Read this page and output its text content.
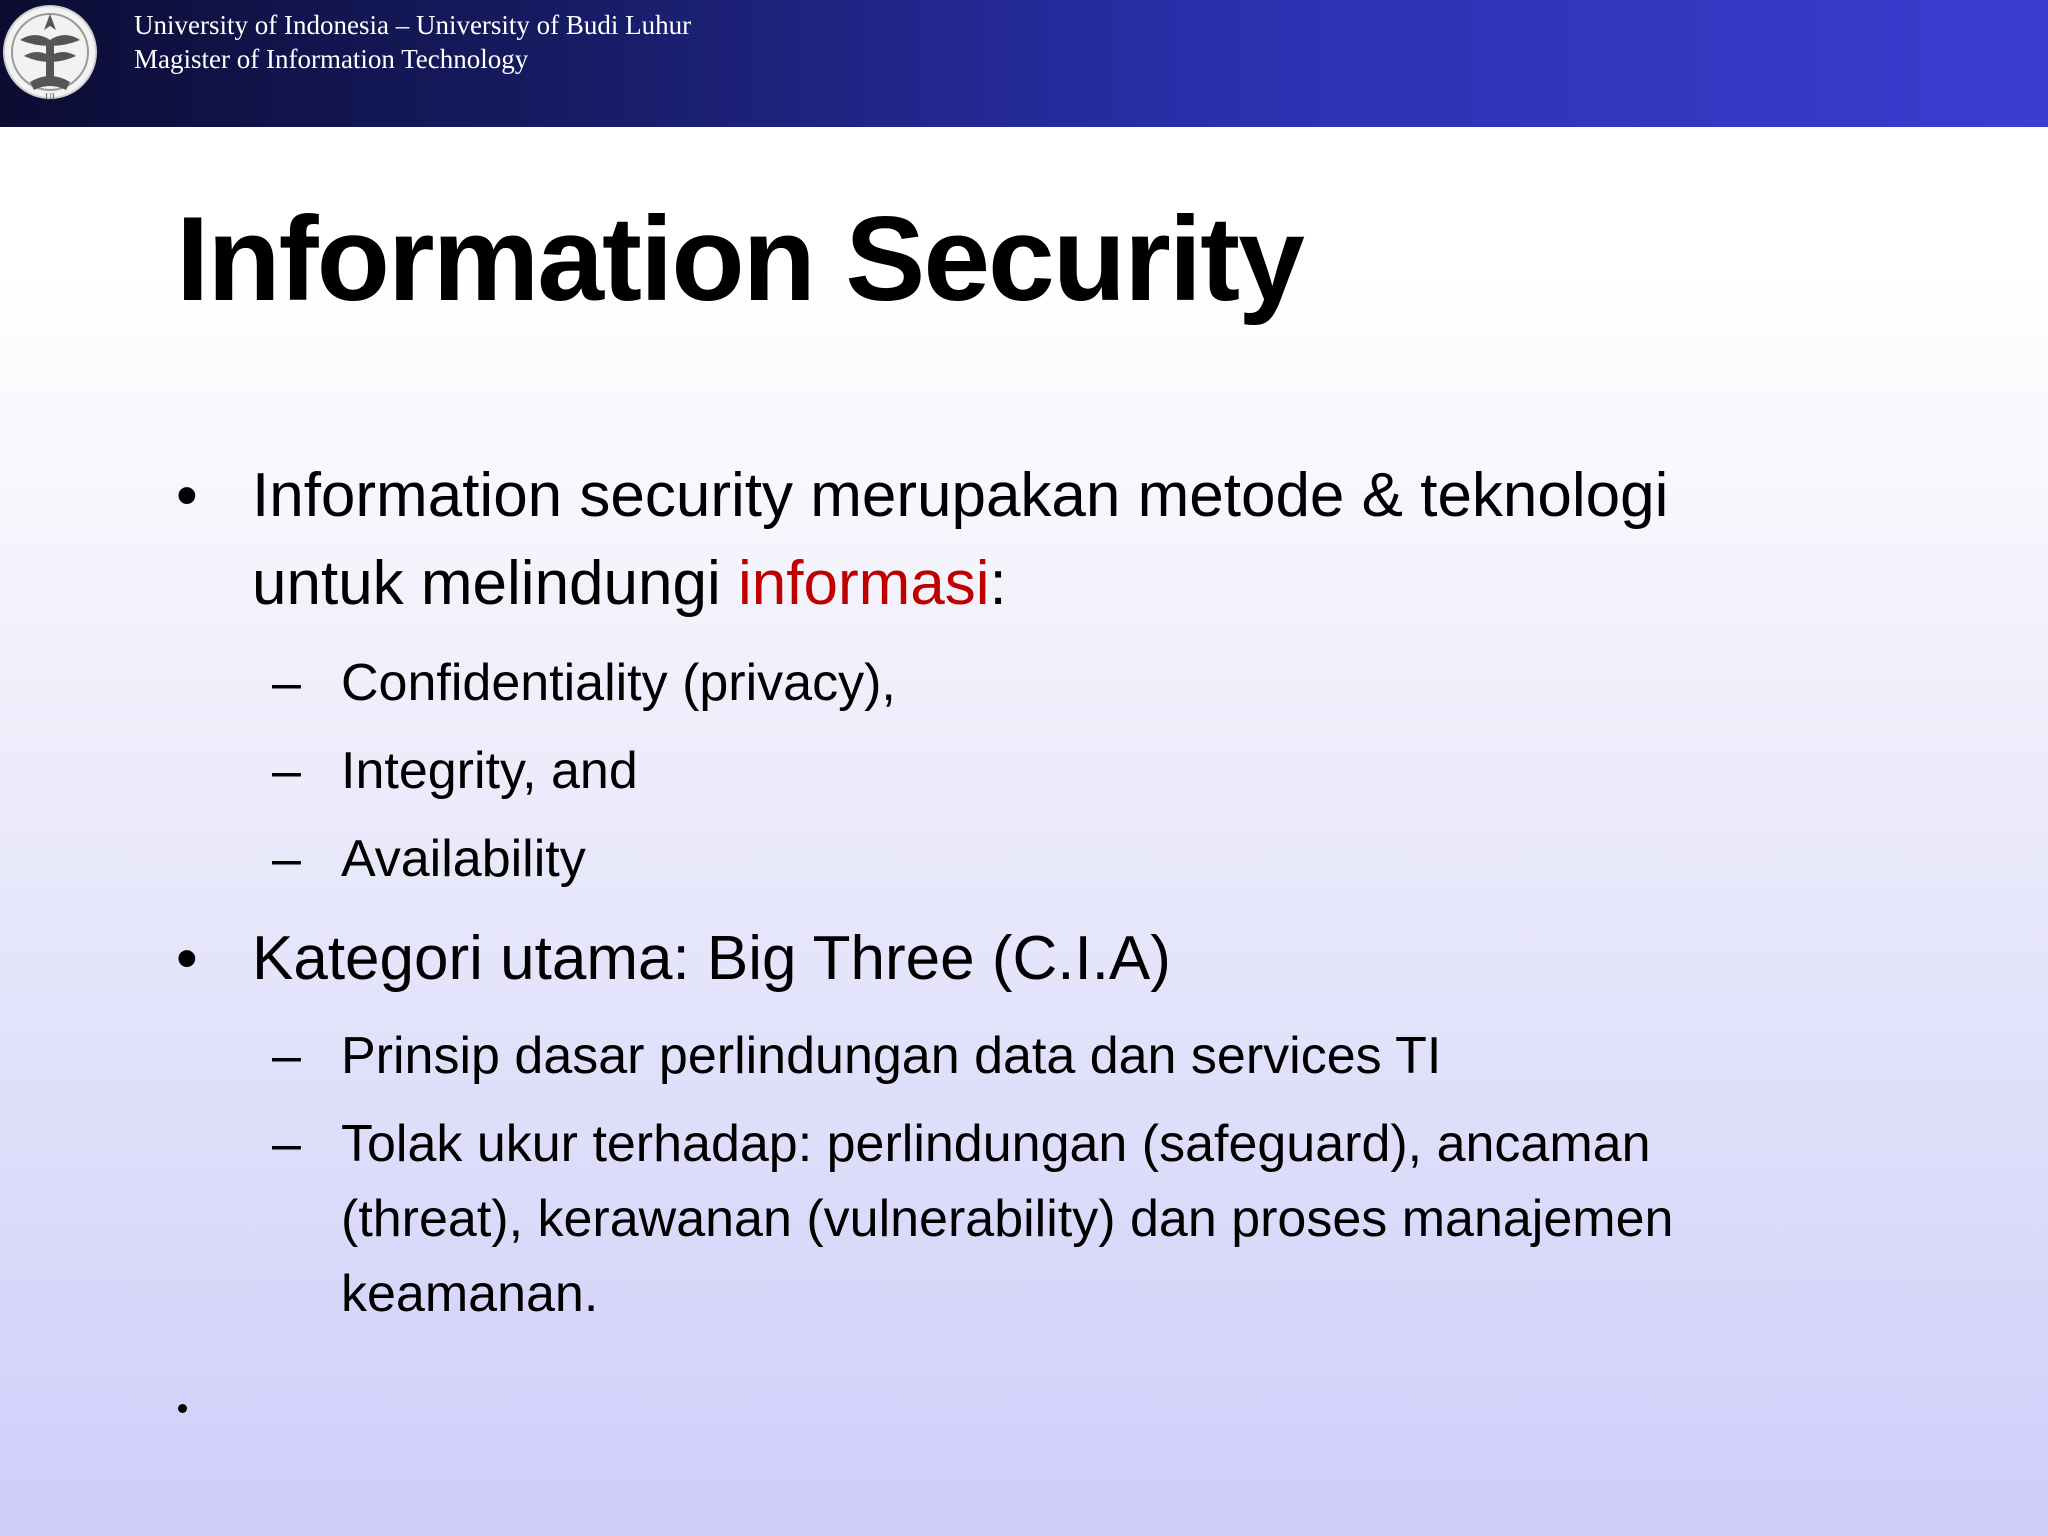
UI
University of Indonesia – University of Budi Luhur
Magister of Information Technology
Information Security
• Information security merupakan metode & teknologi
untuk melindungi informasi:
– Confidentiality (privacy),
– Integrity, and
– Availability
• Kategori utama: Big Three (C.I.A)
– Prinsip dasar perlindungan data dan services TI
– Tolak ukur terhadap: perlindungan (safeguard), ancaman
(threat), kerawanan (vulnerability) dan proses manajemen
keamanan.
